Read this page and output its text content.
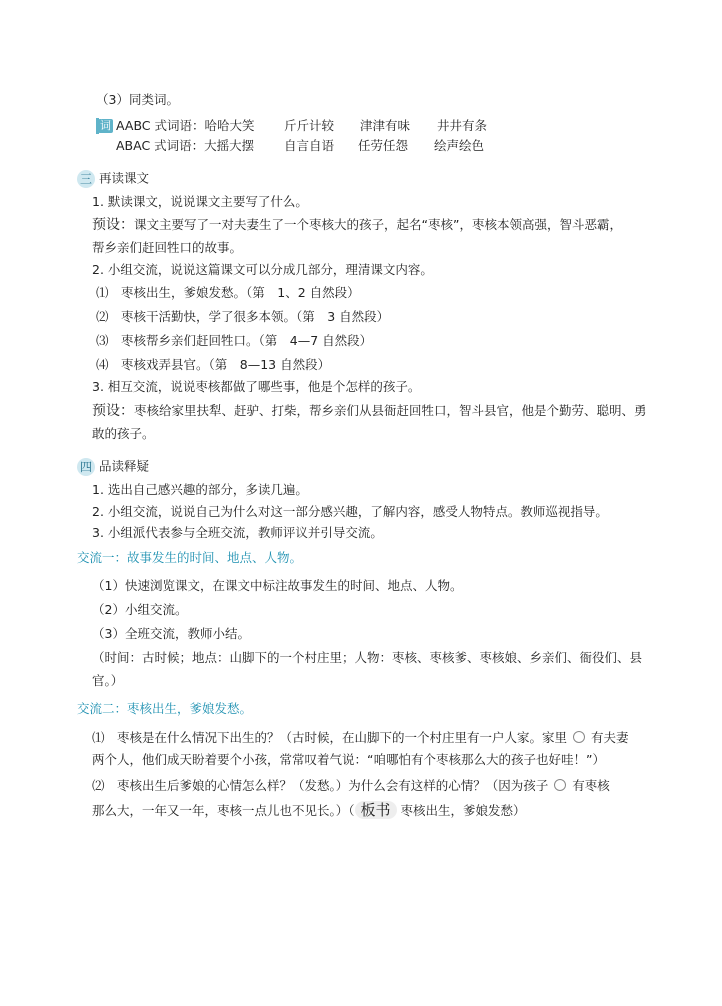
（3）同类词。
词 AABC 式词语：哈哈大笑 斤斤计较 津津有味 井井有条
ABAC 式词语：大摇大摆 自言自语 任劳任怨 绘声绘色
三 再读课文
1. 默读课文，说说课文主要写了什么。
预设：课文主要写了一对夫妻生了一个枣核大的孩子，起名“枣核”，枣核本领高强，智斗恶霸，
帮乡亲们赶回牲口的故事。
2. 小组交流，说说这篇课文可以分成几部分，理清课文内容。
⑴　枣核出生，爹娘发愁。（第　1、2 自然段）
⑵　枣核干活勤快，学了很多本领。（第　3 自然段）
⑶　枣核帮乡亲们赶回牲口。（第　4—7 自然段）
⑷　枣核戏弄县官。（第　8—13 自然段）
3. 相互交流，说说枣核都做了哪些事，他是个怎样的孩子。
预设：枣核给家里扶犁、赶驴、打柴，帮乡亲们从县衙赶回牲口，智斗县官，他是个勤劳、聪明、勇
敢的孩子。
四 品读释疑
1. 选出自己感兴趣的部分，多读几遍。
2. 小组交流，说说自己为什么对这一部分感兴趣，了解内容，感受人物特点。教师巡视指导。
3. 小组派代表参与全班交流，教师评议并引导交流。
交流一：故事发生的时间、地点、人物。
（1）快速浏览课文，在课文中标注故事发生的时间、地点、人物。
（2）小组交流。
（3）全班交流，教师小结。
（时间：古时候；地点：山脚下的一个村庄里；人物：枣核、枣核爹、枣核娘、乡亲们、衙役们、县
官。）
交流二：枣核出生，爹娘发愁。
⑴　枣核是在什么情况下出生的？（古时候，在山脚下的一个村庄里有一户人家。家里 有夫妻
两个人，他们成天盼着要个小孩，常常叹着气说：“咱哪怕有个枣核那么大的孩子也好哇！”）
⑵　枣核出生后爹娘的心情怎么样？（发愁。）为什么会有这样的心情？（因为孩子 有枣核
那么大，一年又一年，枣核一点儿也不见长。）（ 板书 枣核出生，爹娘发愁）
